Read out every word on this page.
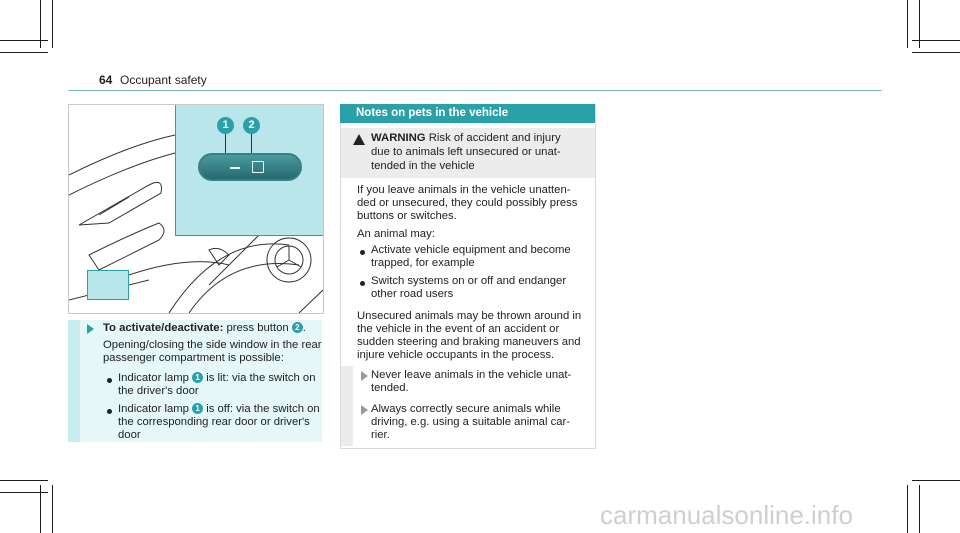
64 Occupant safety
1	2
To activate/deactivate: press button 2 .
Opening/closing the side window in the rear
passenger compartment is possible:
Indicator lamp 1 is lit: via the switch on
the driver's door
Indicator lamp 1 is off: via the switch on
the corresponding rear door or driver's
door
Notes on pets in the vehicle
WARNING Risk of accident and injury
due to animals left unsecured or unat-
tended in the vehicle
If you leave animals in the vehicle unatten-
ded or unsecured, they could possibly press
buttons or switches.
An animal may:
Activate vehicle equipment and become
trapped, for example
Switch systems on or off and endanger
other road users
Unsecured animals may be thrown around in
the vehicle in the event of an accident or
sudden steering and braking maneuvers and
injure vehicle occupants in the process.
Never leave animals in the vehicle unat-
tended.
Always correctly secure animals while
driving, e.g. using a suitable animal car-
rier.
carmanualsonline.info
